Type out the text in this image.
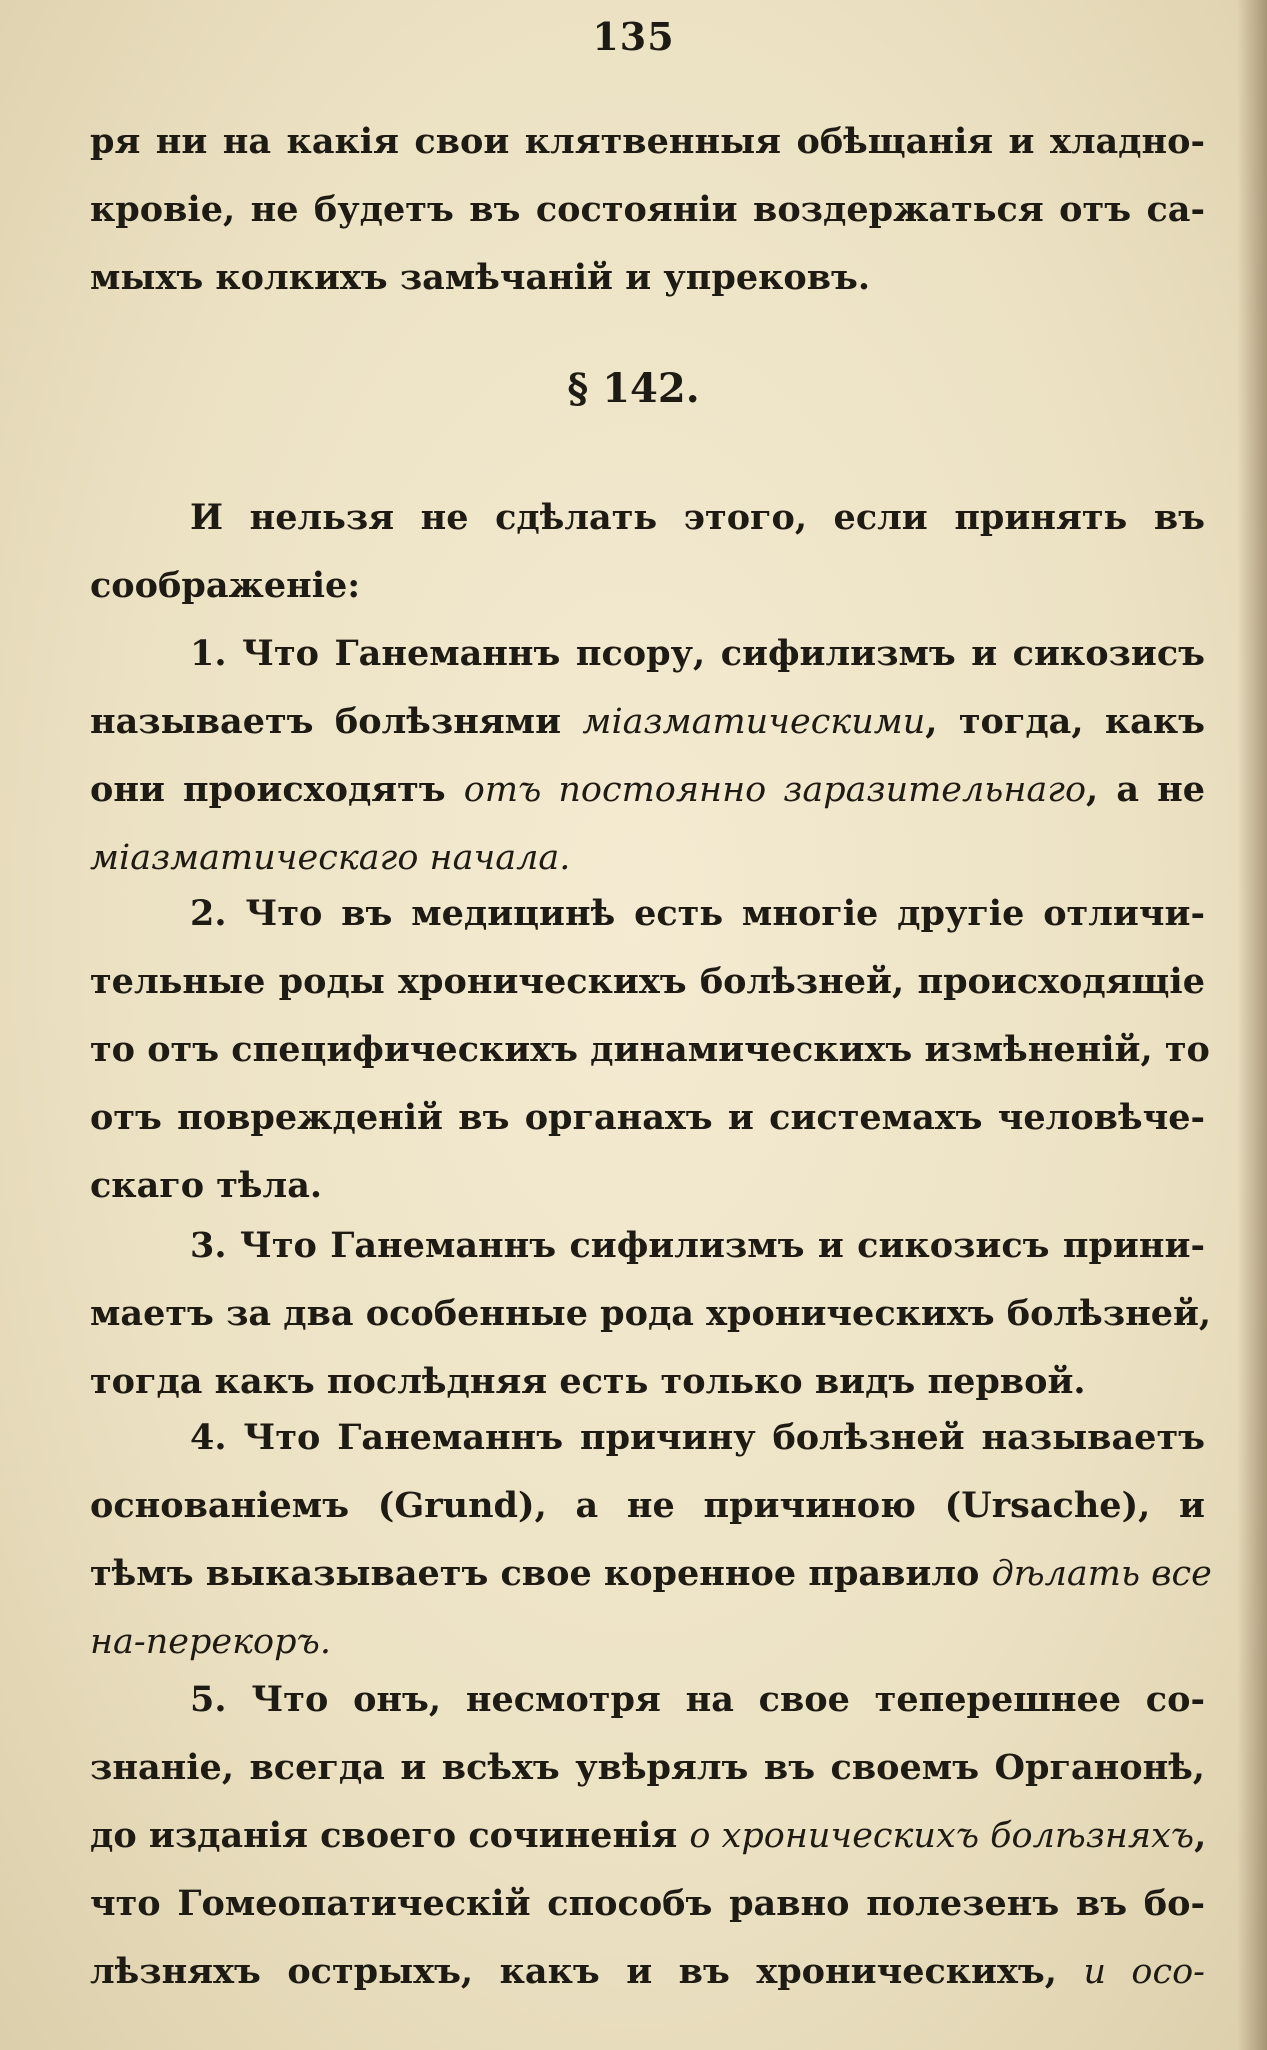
135
ря ни на какія свои клятвенныя обѣщанія и хладно-
кровіе, не будетъ въ состояніи воздержаться отъ са-
мыхъ колкихъ замѣчаній и упрековъ.
§ 142.
И нельзя не сдѣлать этого, если принять въ
соображеніе:
1. Что Ганеманнъ псору, сифилизмъ и сикозисъ
называетъ болѣзнями міазматическими, тогда, какъ
они происходятъ отъ постоянно заразительнаго, а не
міазматическаго начала.
2. Что въ медицинѣ есть многіе другіе отличи-
тельные роды хроническихъ болѣзней, происходящіе
то отъ специфическихъ динамическихъ измѣненій, то
отъ поврежденій въ органахъ и системахъ человѣче-
скаго тѣла.
3. Что Ганеманнъ сифилизмъ и сикозисъ прини-
маетъ за два особенные рода хроническихъ болѣзней,
тогда какъ послѣдняя есть только видъ первой.
4. Что Ганеманнъ причину болѣзней называетъ
основаніемъ (Grund), а не причиною (Ursache), и
тѣмъ выказываетъ свое коренное правило дѣлать все
на-перекоръ.
5. Что онъ, несмотря на свое теперешнее со-
знаніе, всегда и всѣхъ увѣрялъ въ своемъ Органонѣ,
до изданія своего сочиненія о хроническихъ болѣзняхъ,
что Гомеопатическій способъ равно полезенъ въ бо-
лѣзняхъ острыхъ, какъ и въ хроническихъ, и осо-
